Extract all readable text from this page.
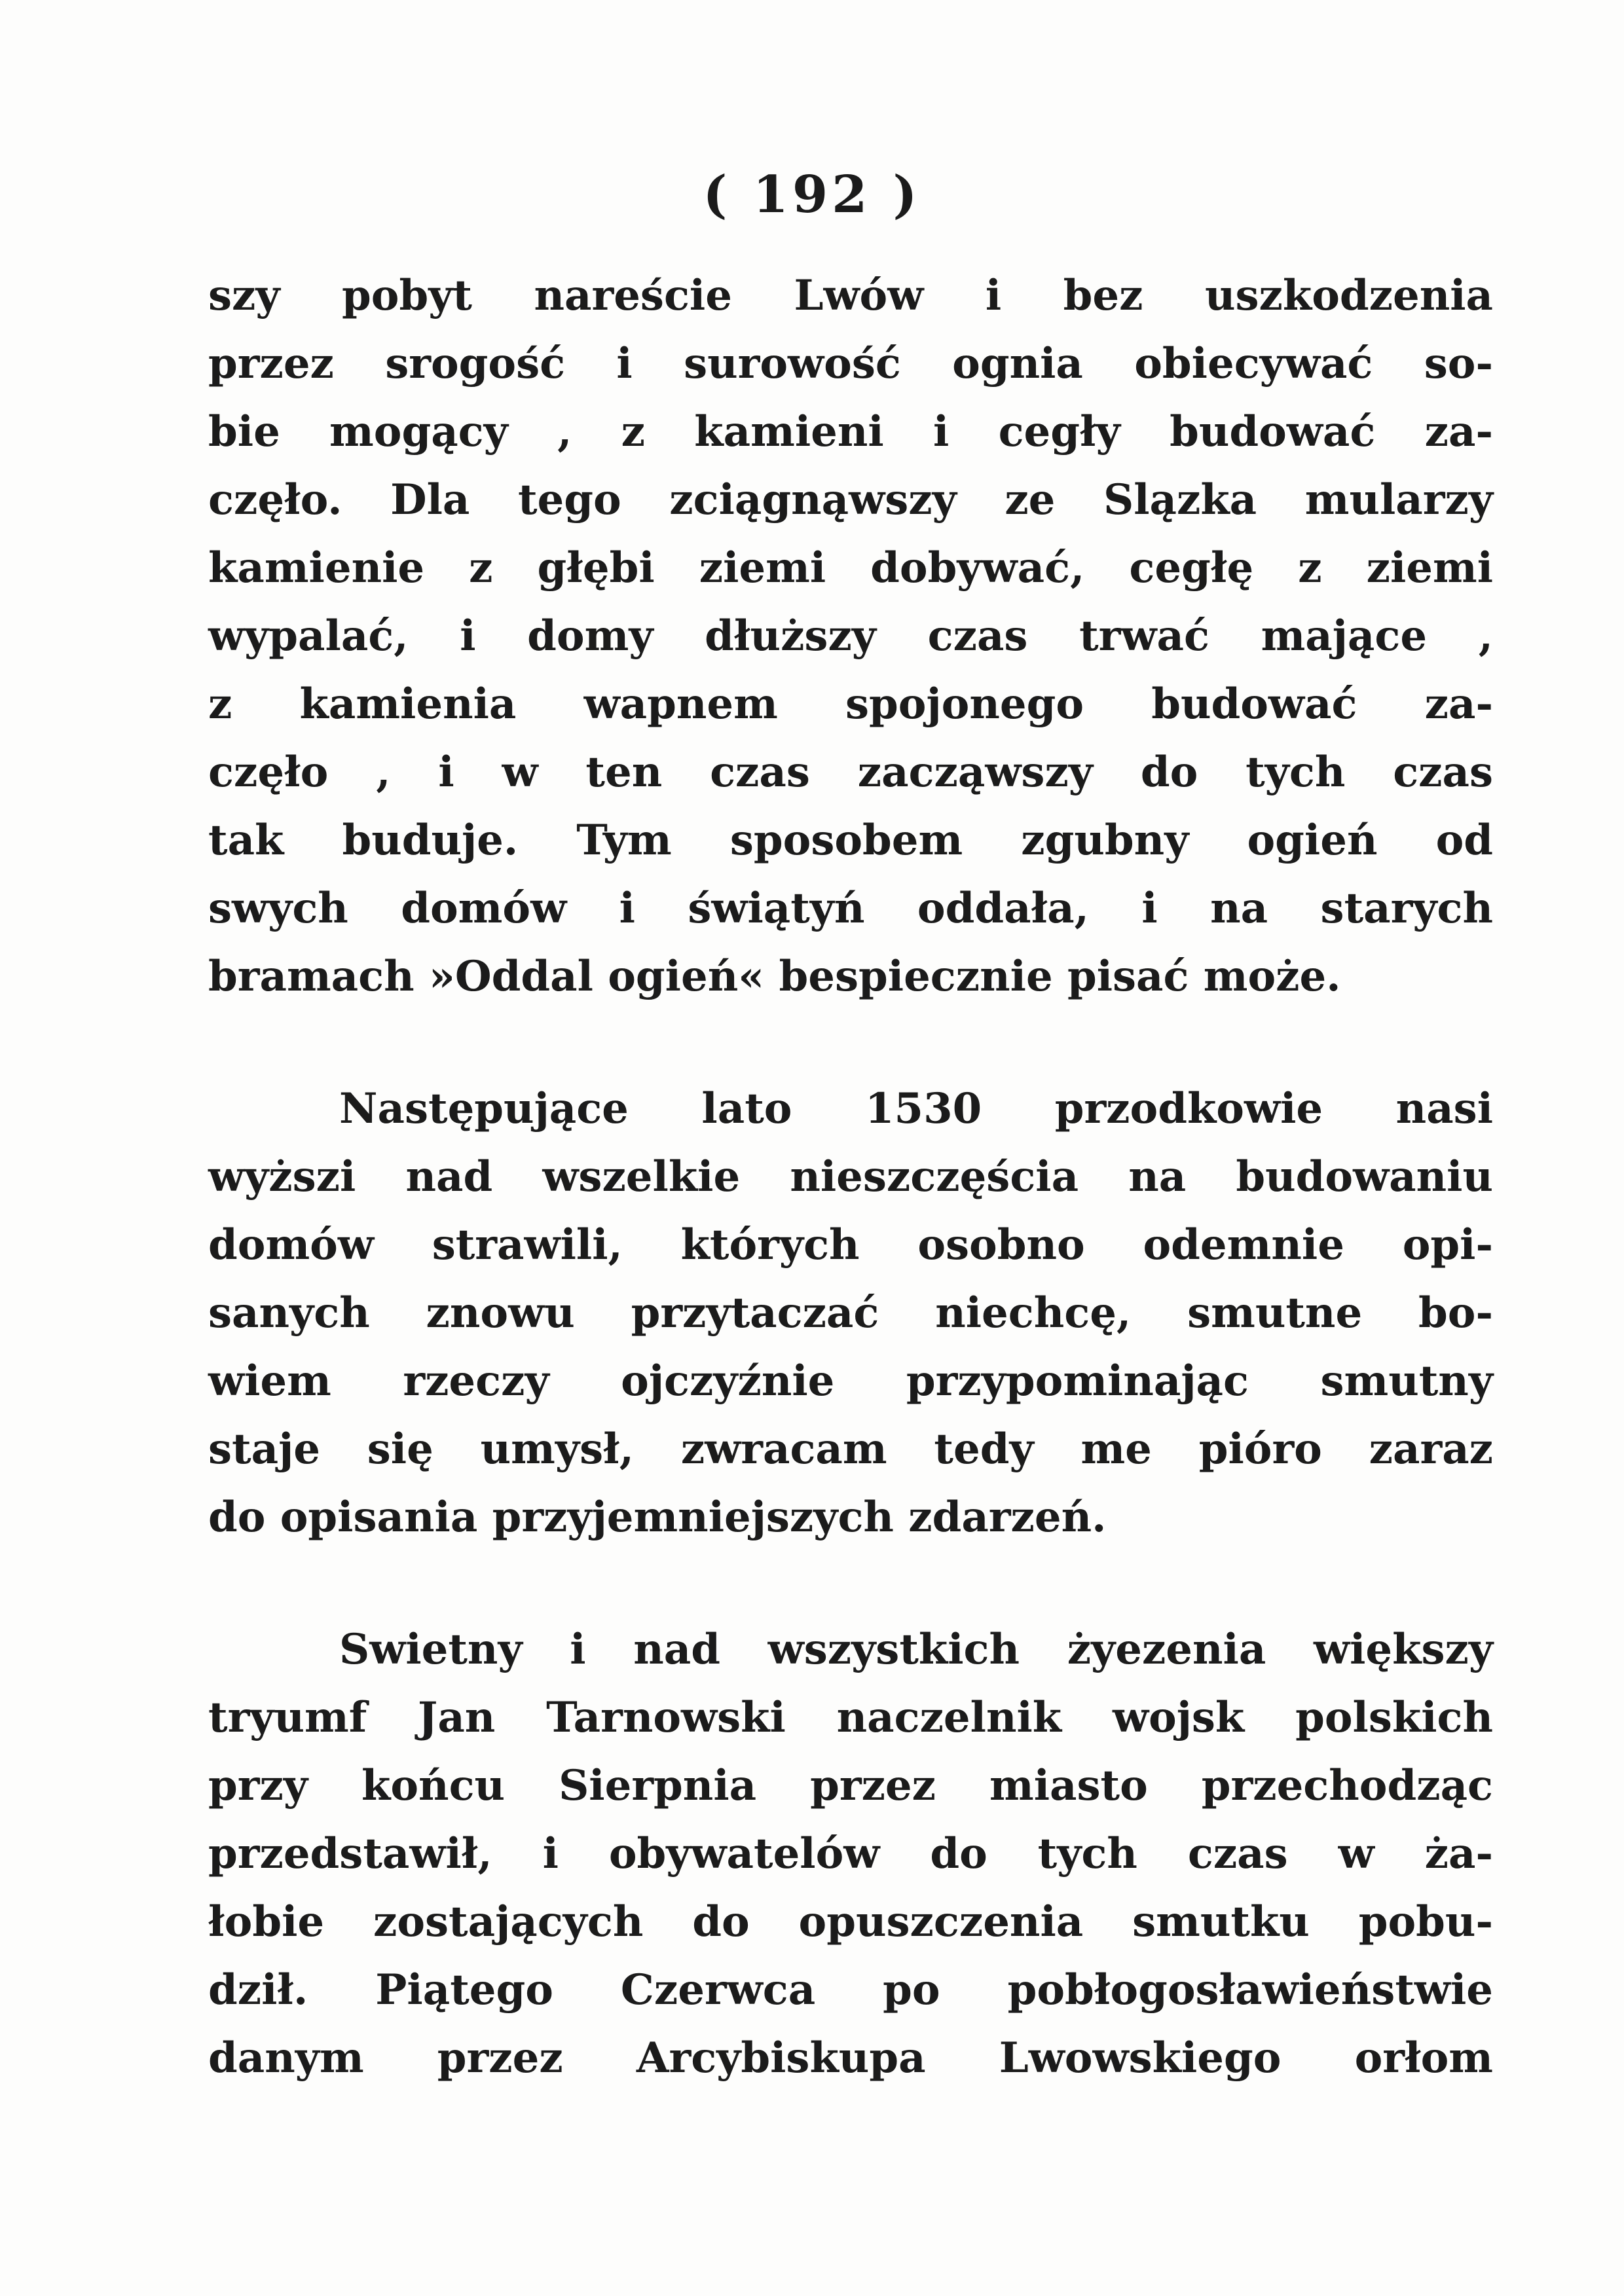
( 192 )
szy pobyt nareście Lwów i bez uszkodzenia
przez srogość i surowość ognia obiecywać so-
bie mogący , z kamieni i cegły budować za-
częło. Dla tego zciągnąwszy ze Slązka mularzy
kamienie z głębi ziemi dobywać, cegłę z ziemi
wypalać, i domy dłuższy czas trwać mające ,
z kamienia wapnem spojonego budować za-
częło , i w ten czas zacząwszy do tych czas
tak buduje. Tym sposobem zgubny ogień od
swych domów i świątyń oddała, i na starych
bramach »Oddal ogień« bespiecznie pisać może.
Następujące lato 1530 przodkowie nasi
wyższi nad wszelkie nieszczęścia na budowaniu
domów strawili, których osobno odemnie opi-
sanych znowu przytaczać niechcę, smutne bo-
wiem rzeczy ojczyźnie przypominając smutny
staje się umysł, zwracam tedy me pióro zaraz
do opisania przyjemniejszych zdarzeń.
Swietny i nad wszystkich żyezenia większy
tryumf Jan Tarnowski naczelnik wojsk polskich
przy końcu Sierpnia przez miasto przechodząc
przedstawił, i obywatelów do tych czas w ża-
łobie zostających do opuszczenia smutku pobu-
dził. Piątego Czerwca po pobłogosławieństwie
danym przez Arcybiskupa Lwowskiego orłom
